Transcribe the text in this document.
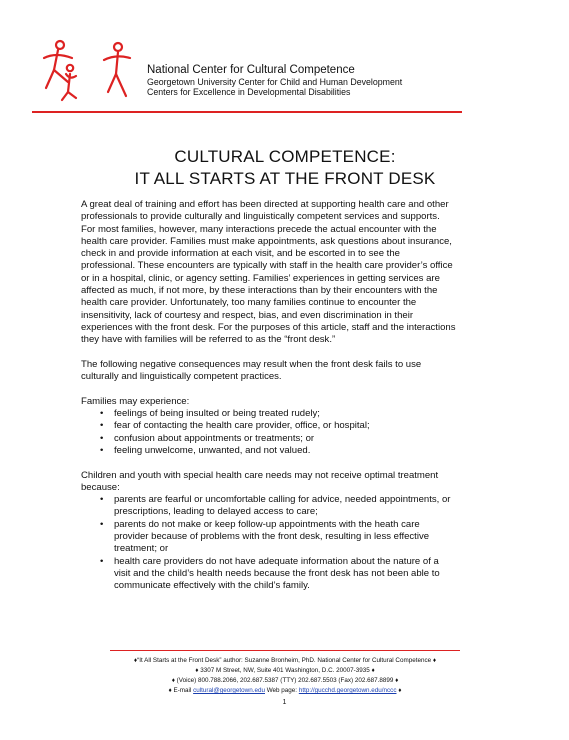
National Center for Cultural Competence
Georgetown University Center for Child and Human Development
Centers for Excellence in Developmental Disabilities
CULTURAL COMPETENCE:
IT ALL STARTS AT THE FRONT DESK

A great deal of training and effort has been directed at supporting health care and other
professionals to provide culturally and linguistically competent services and supports.
For most families, however, many interactions precede the actual encounter with the
health care provider. Families must make appointments, ask questions about insurance,
check in and provide information at each visit, and be escorted in to see the
professional. These encounters are typically with staff in the health care provider’s office
or in a hospital, clinic, or agency setting. Families’ experiences in getting services are
affected as much, if not more, by these interactions than by their encounters with the
health care provider. Unfortunately, too many families continue to encounter the
insensitivity, lack of courtesy and respect, bias, and even discrimination in their
experiences with the front desk. For the purposes of this article, staff and the interactions
they have with families will be referred to as the “front desk.”

The following negative consequences may result when the front desk fails to use
culturally and linguistically competent practices.

Families may experience:

• feelings of being insulted or being treated rudely;
• fear of contacting the health care provider, office, or hospital;
• confusion about appointments or treatments; or
• feeling unwelcome, unwanted, and not valued.

Children and youth with special health care needs may not receive optimal treatment
because:

• parents are fearful or uncomfortable calling for advice, needed appointments, or
prescriptions, leading to delayed access to care;
• parents do not make or keep follow-up appointments with the heath care
provider because of problems with the front desk, resulting in less effective
treatment; or
• health care providers do not have adequate information about the nature of a
visit and the child’s health needs because the front desk has not been able to
communicate effectively with the child’s family.
♦“It All Starts at the Front Desk” author: Suzanne Bronheim, PhD. National Center for Cultural Competence ♦
♦ 3307 M Street, NW, Suite 401 Washington, D.C. 20007-3935 ♦
♦ (Voice) 800.788.2066, 202.687.5387 (TTY) 202.687.5503 (Fax) 202.687.8899 ♦
♦ E-mail cultural@georgetown.edu Web page: http://gucchd.georgetown.edu/nccc ♦
1
